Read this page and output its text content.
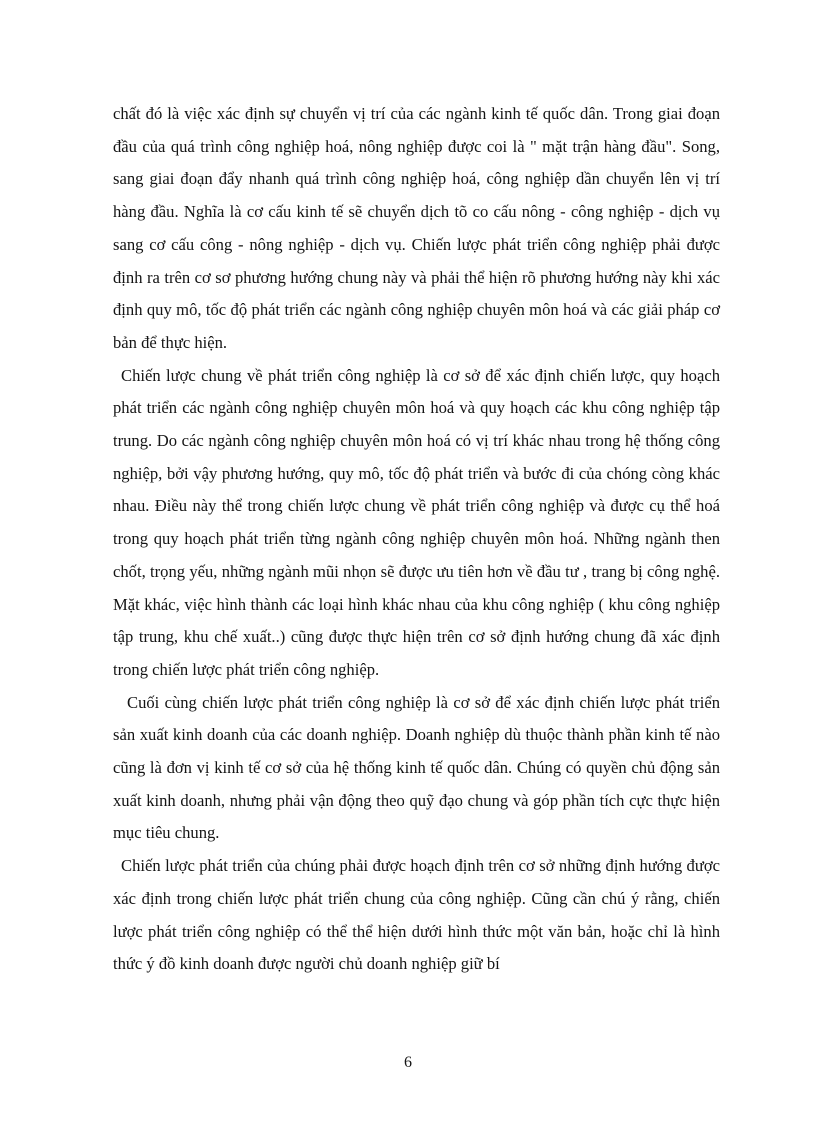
chất đó là việc xác định sự chuyển vị trí của các ngành kinh tế quốc dân. Trong giai đoạn đầu của quá trình công nghiệp hoá, nông nghiệp được coi là " mặt trận hàng đầu". Song, sang giai đoạn đẩy nhanh quá trình công nghiệp hoá, công nghiệp dần chuyển lên vị trí hàng đầu. Nghĩa là cơ cấu kinh tế sẽ chuyển dịch tõ co cấu nông - công nghiệp - dịch vụ sang cơ cấu công - nông nghiệp - dịch vụ. Chiến lược phát triển công nghiệp phải được định ra trên cơ sơ phương hướng chung này và phải thể hiện rõ phương hướng này khi xác định quy mô, tốc độ phát triển các ngành công nghiệp chuyên môn hoá và các giải pháp cơ bản để thực hiện.

Chiến lược chung về phát triển công nghiệp là cơ sở để xác định chiến lược, quy hoạch phát triển các ngành công nghiệp chuyên môn hoá và quy hoạch các khu công nghiệp tập trung. Do các ngành công nghiệp chuyên môn hoá có vị trí khác nhau trong hệ thống công nghiệp, bởi vậy phương hướng, quy mô, tốc độ phát triển và bước đi của chóng còng khác nhau. Điều này thể trong chiến lược chung về phát triển công nghiệp và được cụ thể hoá trong quy hoạch phát triển từng ngành công nghiệp chuyên môn hoá. Những ngành then chốt, trọng yếu, những ngành mũi nhọn sẽ được ưu tiên hơn về đầu tư , trang bị công nghệ. Mặt khác, việc hình thành các loại hình khác nhau của khu công nghiệp ( khu công nghiệp tập trung, khu chế xuất..) cũng được thực hiện trên cơ sở định hướng chung đã xác định trong chiến lược phát triển công nghiệp.

Cuối cùng chiến lược phát triển công nghiệp là cơ sở để xác định chiến lược phát triển sản xuất kinh doanh của các doanh nghiệp. Doanh nghiệp dù thuộc thành phần kinh tế nào cũng là đơn vị kinh tế cơ sở của hệ thống kinh tế quốc dân. Chúng có quyền chủ động sản xuất kinh doanh, nhưng phải vận động theo quỹ đạo chung và góp phần tích cực thực hiện mục tiêu chung.

Chiến lược phát triển của chúng phải được hoạch định trên cơ sở những định hướng được xác định trong chiến lược phát triển chung của công nghiệp. Cũng cần chú ý rằng, chiến lược phát triển công nghiệp có thể thể hiện dưới hình thức một văn bản, hoặc chỉ là hình thức ý đồ kinh doanh được người chủ doanh nghiệp giữ bí

6
